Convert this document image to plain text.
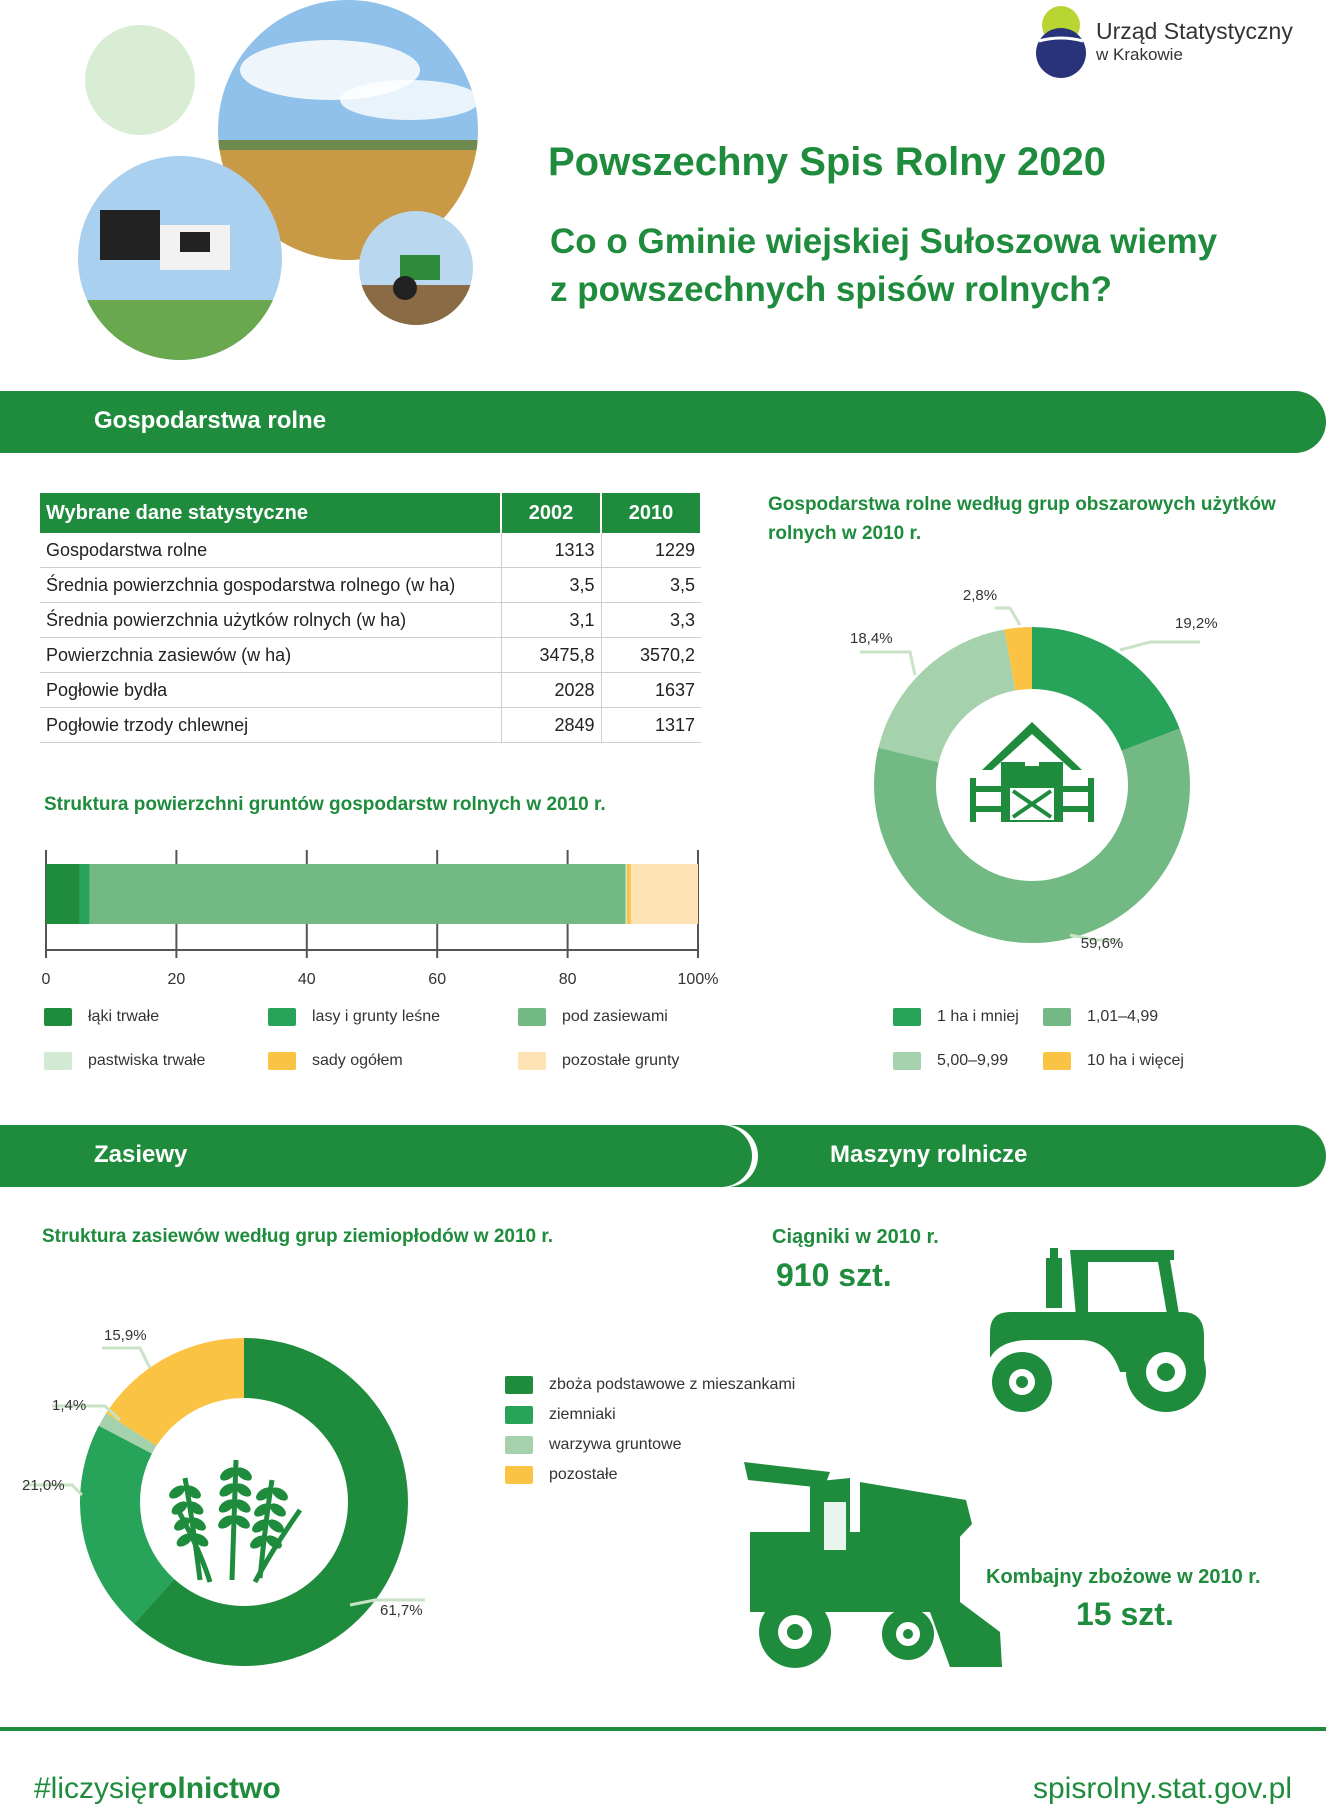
Urząd Statystyczny
w Krakowie
Powszechny Spis Rolny 2020
Co o Gminie wiejskiej Sułoszowa wiemy
z powszechnych spisów rolnych?
Gospodarstwa rolne
Wybrane dane statystyczne	2002	2010
Gospodarstwa rolne	1313	1229
Średnia powierzchnia gospodarstwa rolnego (w ha)	3,5	3,5
Średnia powierzchnia użytków rolnych (w ha)	3,1	3,3
Powierzchnia zasiewów (w ha)	3475,8	3570,2
Pogłowie bydła	2028	1637
Pogłowie trzody chlewnej	2849	1317
Struktura powierzchni gruntów gospodarstw rolnych w 2010 r.
0	20	40	60	80	100%
łąki trwałe	lasy i grunty leśne	pod zasiewami
pastwiska trwałe	sady ogółem	pozostałe grunty
Gospodarstwa rolne według grup obszarowych użytków rolnych w 2010 r.
19,2%
59,6%
18,4%
2,8%
1 ha i mniej	1,01–4,99
5,00–9,99	10 ha i więcej
Maszyny rolnicze
Zasiewy
Struktura zasiewów według grup ziemiopłodów w 2010 r.
61,7%
21,0%
1,4%
15,9%
zboża podstawowe z mieszankami
ziemniaki
warzywa gruntowe
pozostałe
Ciągniki w 2010 r.
910 szt.
Kombajny zbożowe w 2010 r.
15 szt.
#liczysięrolnictwo	spisrolny.stat.gov.pl
